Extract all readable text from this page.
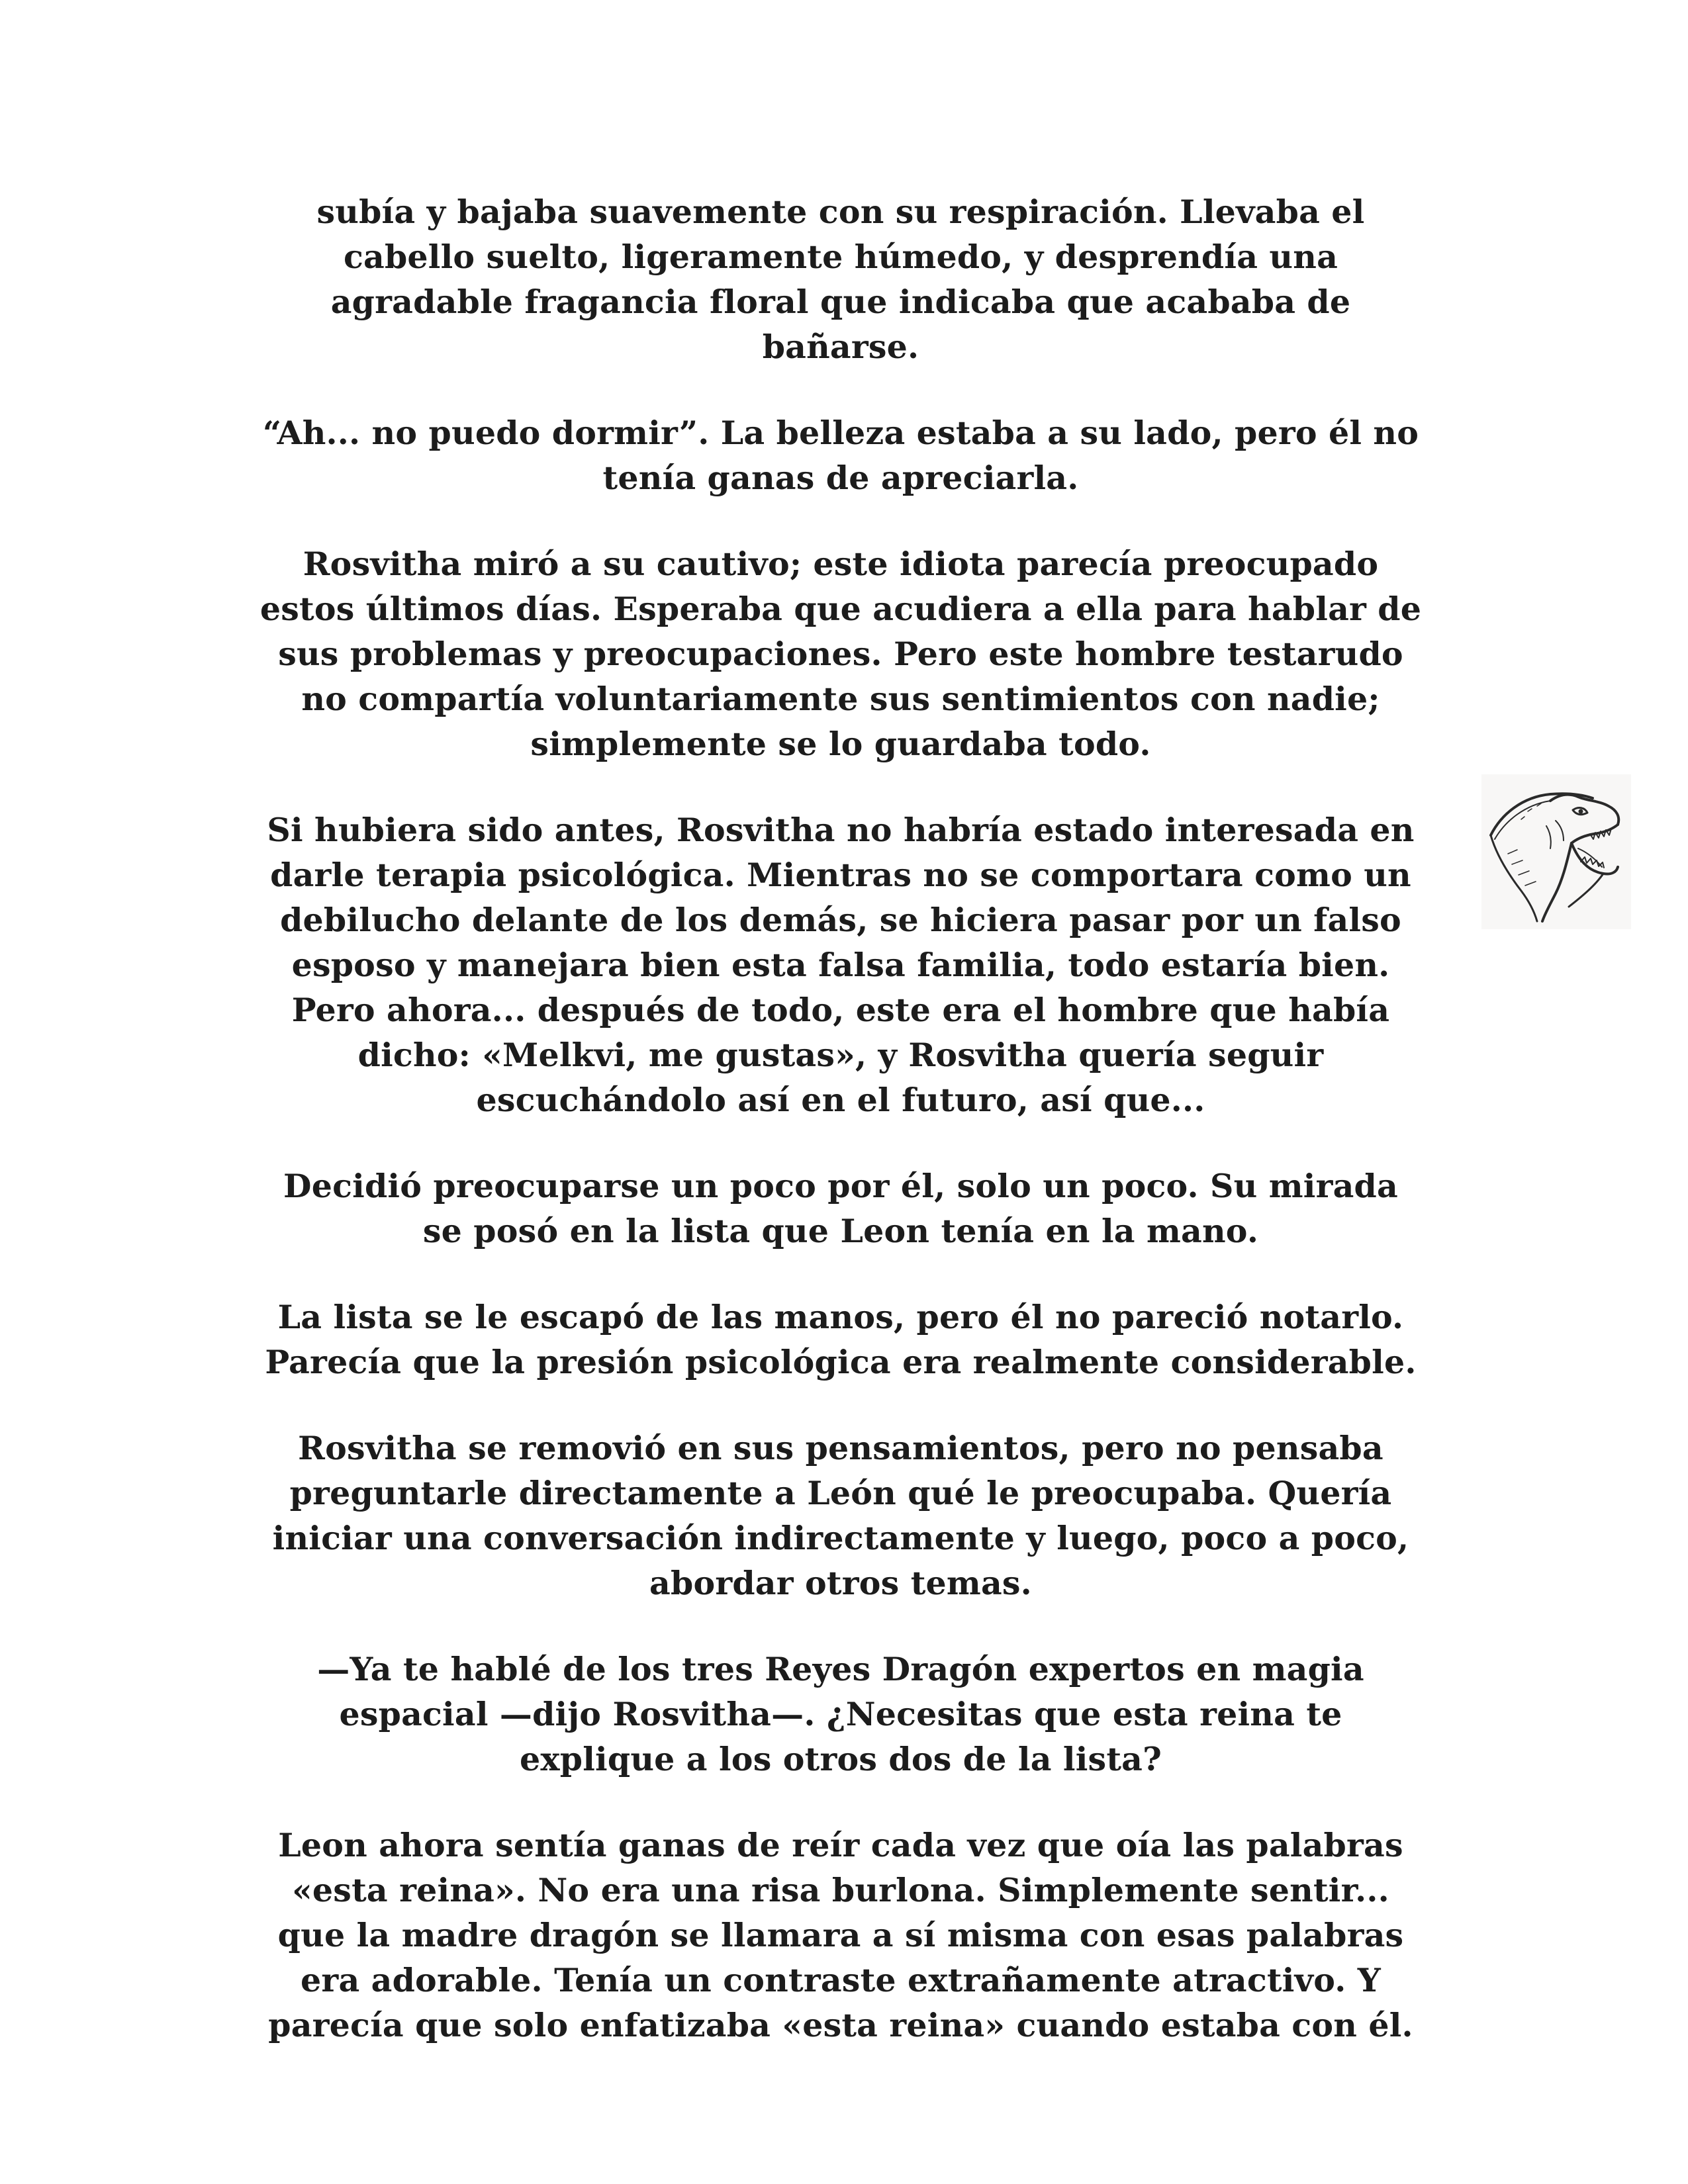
subía y bajaba suavemente con su respiración. Llevaba el
cabello suelto, ligeramente húmedo, y desprendía una
agradable fragancia floral que indicaba que acababa de
bañarse.

“Ah... no puedo dormir”. La belleza estaba a su lado, pero él no
tenía ganas de apreciarla.

Rosvitha miró a su cautivo; este idiota parecía preocupado
estos últimos días. Esperaba que acudiera a ella para hablar de
sus problemas y preocupaciones. Pero este hombre testarudo
no compartía voluntariamente sus sentimientos con nadie;
simplemente se lo guardaba todo.

Si hubiera sido antes, Rosvitha no habría estado interesada en
darle terapia psicológica. Mientras no se comportara como un
debilucho delante de los demás, se hiciera pasar por un falso
esposo y manejara bien esta falsa familia, todo estaría bien.
Pero ahora... después de todo, este era el hombre que había
dicho: «Melkvi, me gustas», y Rosvitha quería seguir
escuchándolo así en el futuro, así que...

Decidió preocuparse un poco por él, solo un poco. Su mirada
se posó en la lista que Leon tenía en la mano.

La lista se le escapó de las manos, pero él no pareció notarlo.
Parecía que la presión psicológica era realmente considerable.

Rosvitha se removió en sus pensamientos, pero no pensaba
preguntarle directamente a León qué le preocupaba. Quería
iniciar una conversación indirectamente y luego, poco a poco,
abordar otros temas.

—Ya te hablé de los tres Reyes Dragón expertos en magia
espacial —dijo Rosvitha—. ¿Necesitas que esta reina te
explique a los otros dos de la lista?

Leon ahora sentía ganas de reír cada vez que oía las palabras
«esta reina». No era una risa burlona. Simplemente sentir...
que la madre dragón se llamara a sí misma con esas palabras
era adorable. Tenía un contraste extrañamente atractivo. Y
parecía que solo enfatizaba «esta reina» cuando estaba con él.
